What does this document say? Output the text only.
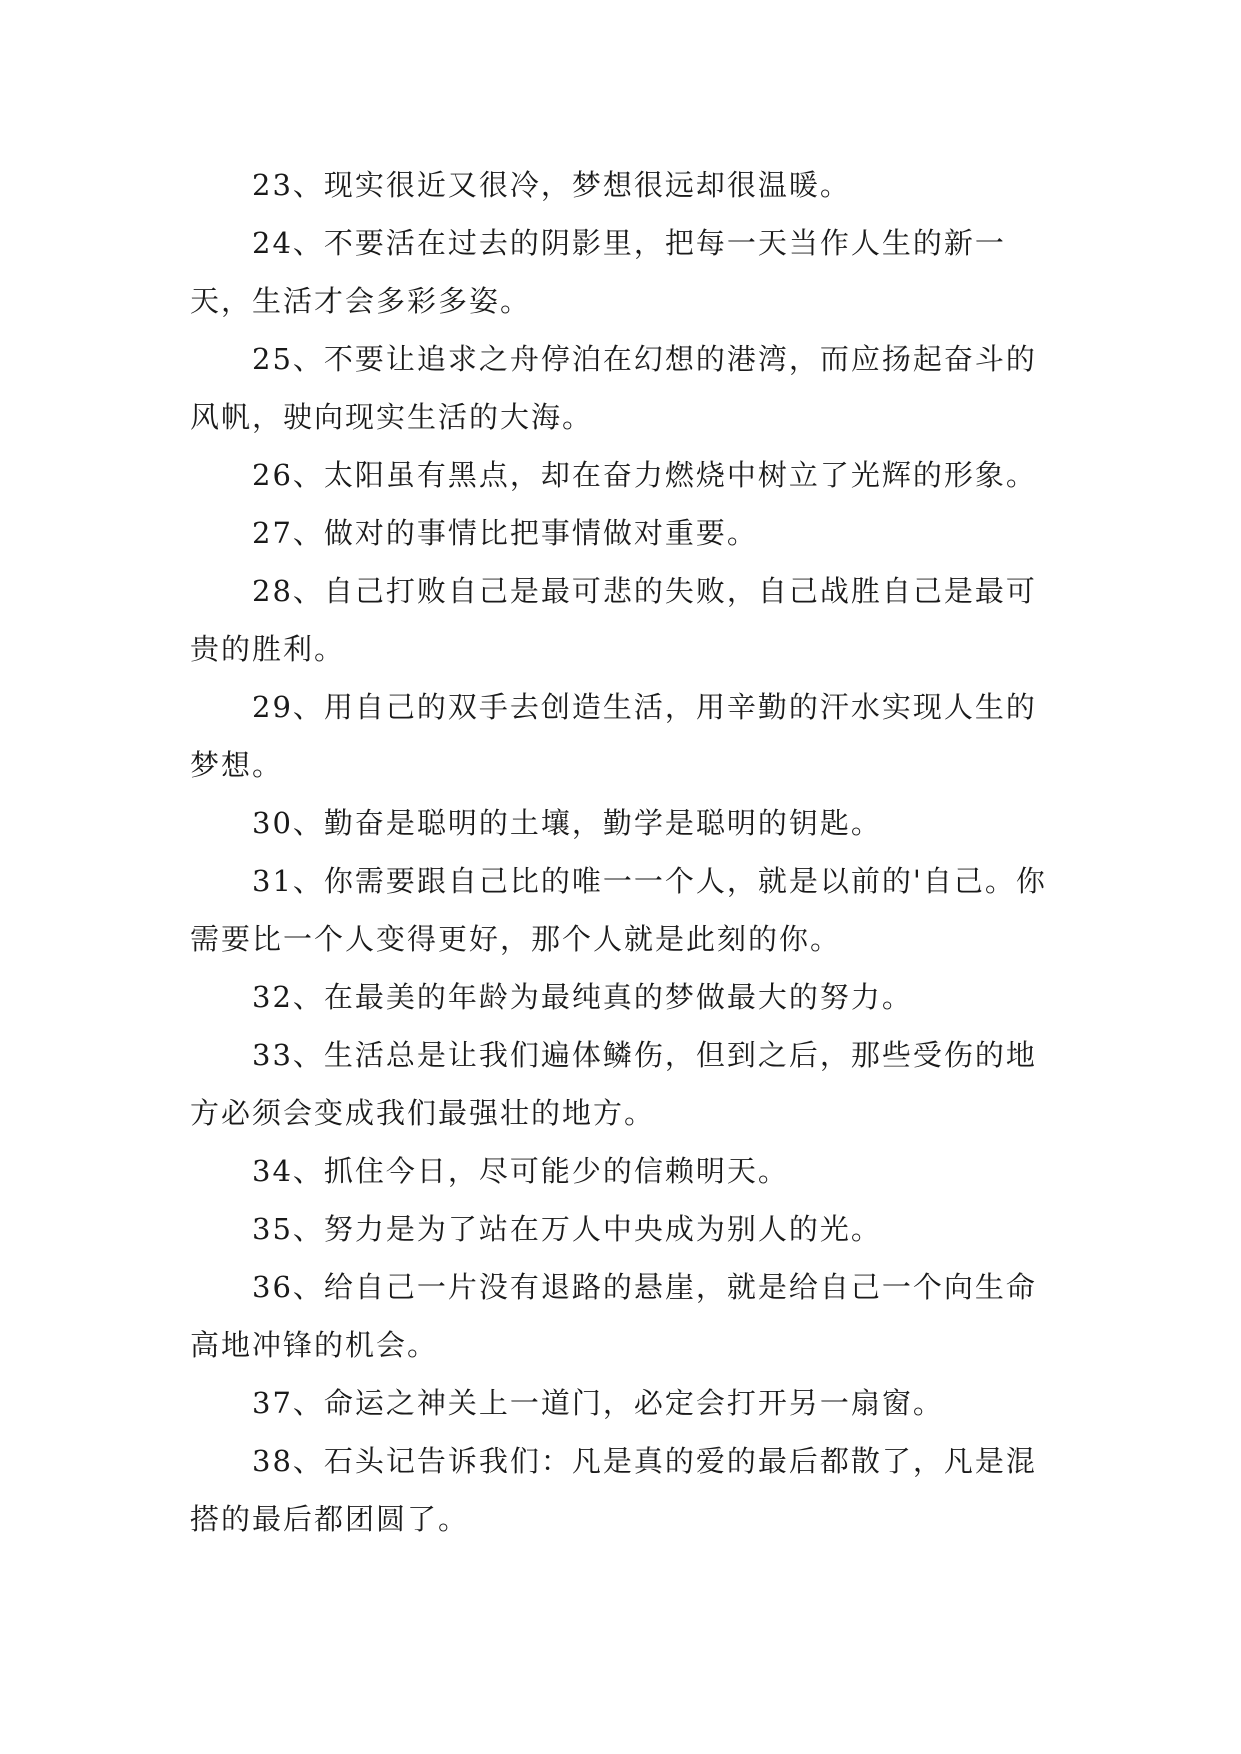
23、现实很近又很冷，梦想很远却很温暖。

24、不要活在过去的阴影里，把每一天当作人生的新一天，生活才会多彩多姿。

25、不要让追求之舟停泊在幻想的港湾，而应扬起奋斗的风帆，驶向现实生活的大海。

26、太阳虽有黑点，却在奋力燃烧中树立了光辉的形象。

27、做对的事情比把事情做对重要。

28、自己打败自己是最可悲的失败，自己战胜自己是最可贵的胜利。

29、用自己的双手去创造生活，用辛勤的汗水实现人生的梦想。

30、勤奋是聪明的土壤，勤学是聪明的钥匙。

31、你需要跟自己比的唯一一个人，就是以前的'自己。你需要比一个人变得更好，那个人就是此刻的你。

32、在最美的年龄为最纯真的梦做最大的努力。

33、生活总是让我们遍体鳞伤，但到之后，那些受伤的地方必须会变成我们最强壮的地方。

34、抓住今日，尽可能少的信赖明天。

35、努力是为了站在万人中央成为别人的光。

36、给自己一片没有退路的悬崖，就是给自己一个向生命高地冲锋的机会。

37、命运之神关上一道门，必定会打开另一扇窗。

38、石头记告诉我们：凡是真的爱的最后都散了，凡是混搭的最后都团圆了。
